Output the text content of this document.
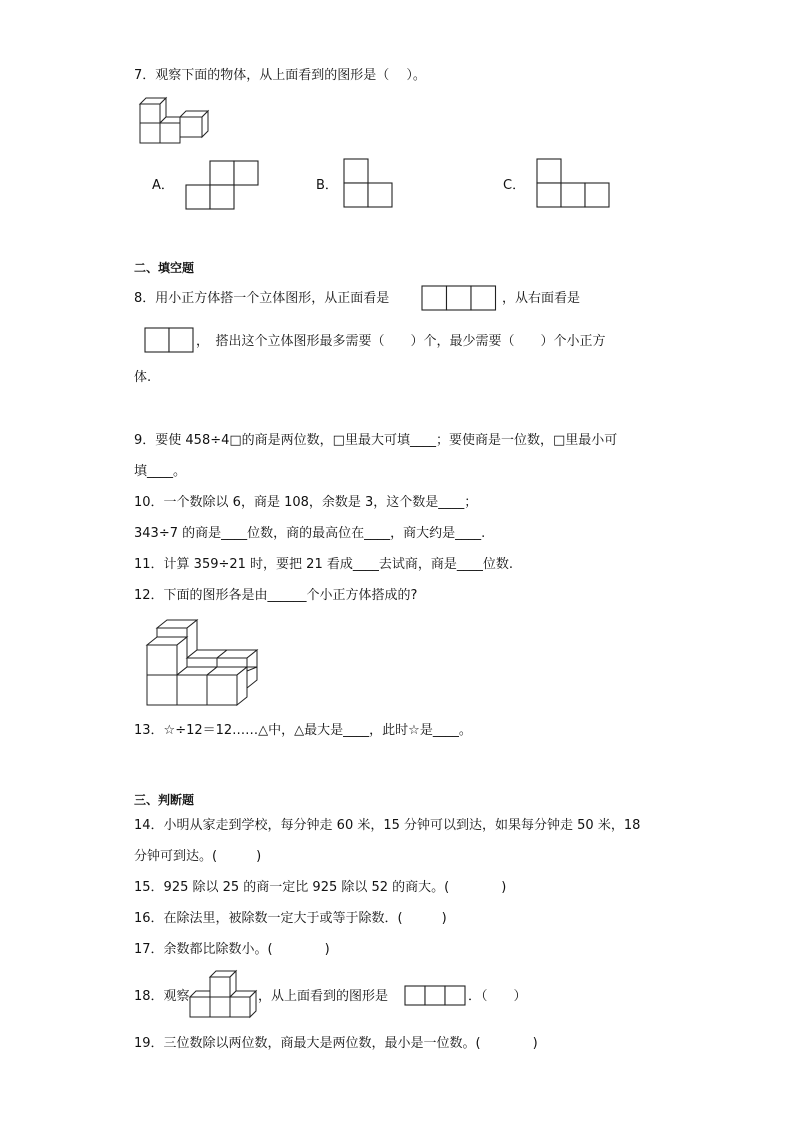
7．观察下面的物体，从上面看到的图形是（　 ）。
A．	B．	C．
二、填空题
8．用小正方体搭一个立体图形，从正面看是	，从右面看是
，　搭出这个立体图形最多需要（　　）个，最少需要（　　）个小正方
体.
9．要使 458÷4□的商是两位数，□里最大可填____；要使商是一位数，□里最小可
填____。
10．一个数除以 6，商是 108，余数是 3，这个数是____；
343÷7 的商是____位数，商的最高位在____，商大约是____.
11．计算 359÷21 时，要把 21 看成____去试商，商是____位数.
12．下面的图形各是由______个小正方体搭成的?
13．☆÷12＝12……△中，△最大是____，此时☆是____。
三、判断题
14．小明从家走到学校，每分钟走 60 米，15 分钟可以到达，如果每分钟走 50 米，18
分钟可到达。(　　　)
15．925 除以 25 的商一定比 925 除以 52 的商大。(　　　　)
16．在除法里，被除数一定大于或等于除数．(　　　)
17．余数都比除数小。(　　　　)
18．观察	，从上面看到的图形是	．（　　）
19．三位数除以两位数，商最大是两位数，最小是一位数。(　　　　)
